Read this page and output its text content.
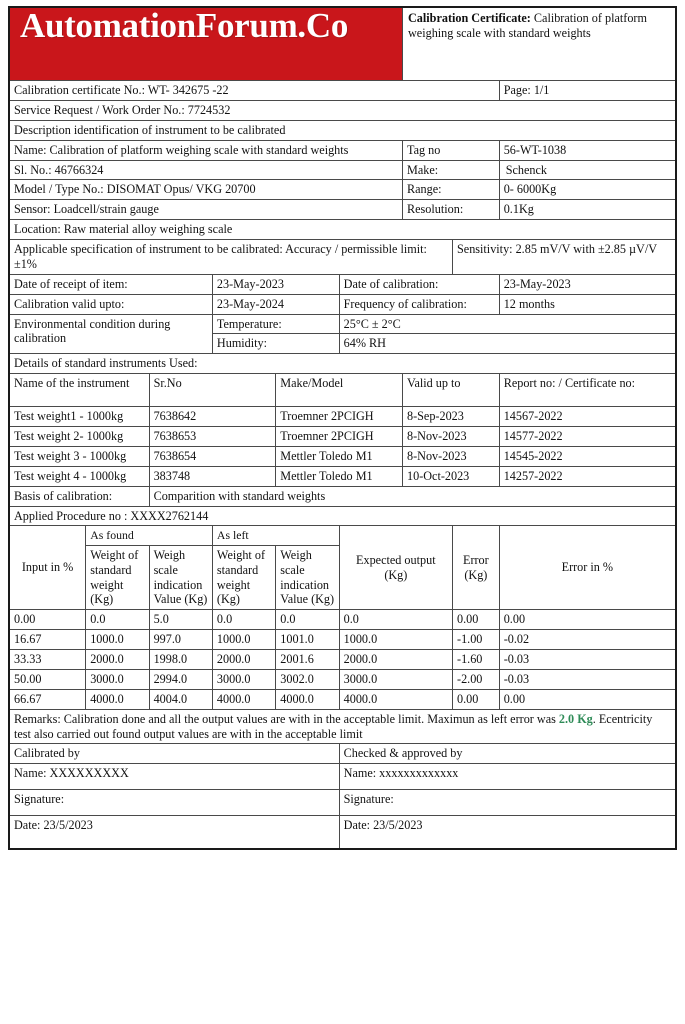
AutomationForum.Co						Calibration Certificate: Calibration of platform weighing scale with standard weights		
Calibration certificate No.: WT- 342675 -22								Page: 1/1
Service Request / Work Order No.: 7724532								
Description identification of instrument to be calibrated								
Name: Calibration of platform weighing scale with standard weights						Tag no		56-WT-1038
Sl. No.: 46766324						Make:		Schenck
Model / Type No.: DISOMAT Opus/ VKG 20700						Range:		0- 6000Kg
Sensor: Loadcell/strain gauge						Resolution:		0.1Kg
Location: Raw material alloy weighing scale								
Applicable specification of instrument to be calibrated: Accuracy / permissible limit: ±1%							Sensitivity: 2.85 mV/V with ±2.85 µV/V	
Date of receipt of item:			23-May-2023		Date of calibration:			23-May-2023
Calibration valid upto:			23-May-2024		Frequency of calibration:			12 months
Environmental condition during calibration			Temperature:		25°C ± 2°C			
			Humidity:		64% RH			
Details of standard instruments Used:								
Name of the instrument		Sr.No		Make/Model		Valid up to		Report no: / Certificate no:
Test weight1 - 1000kg		7638642		Troemner 2PCIGH		8-Sep-2023		14567-2022
Test weight 2- 1000kg		7638653		Troemner 2PCIGH		8-Nov-2023		14577-2022
Test weight 3 - 1000kg		7638654		Mettler Toledo M1		8-Nov-2023		14545-2022
Test weight 4 - 1000kg		383748		Mettler Toledo M1		10-Oct-2023		14257-2022
Basis of calibration:		Comparition with standard weights						
Applied Procedure no : XXXX2762144								
Input in %	As found		As left		Expected output (Kg)		Error (Kg)	Error in %
	Weight of standard weight (Kg)	Weigh scale indication Value (Kg)	Weight of standard weight (Kg)	Weigh scale indication Value (Kg)				
0.00	0.0	5.0	0.0	0.0	0.0		0.00	0.00
16.67	1000.0	997.0	1000.0	1001.0	1000.0		-1.00	-0.02
33.33	2000.0	1998.0	2000.0	2001.6	2000.0		-1.60	-0.03
50.00	3000.0	2994.0	3000.0	3002.0	3000.0		-2.00	-0.03
66.67	4000.0	4004.0	4000.0	4000.0	4000.0		0.00	0.00
Remarks: Calibration done and all the output values are with in the acceptable limit. Maximun as left error was 2.0 Kg. Ecentricity test also carried out found output values are with in the acceptable limit								
Calibrated by					Checked & approved by			
Name: XXXXXXXXX					Name: xxxxxxxxxxxxx			
Signature:					Signature:			
Date: 23/5/2023					Date: 23/5/2023			
